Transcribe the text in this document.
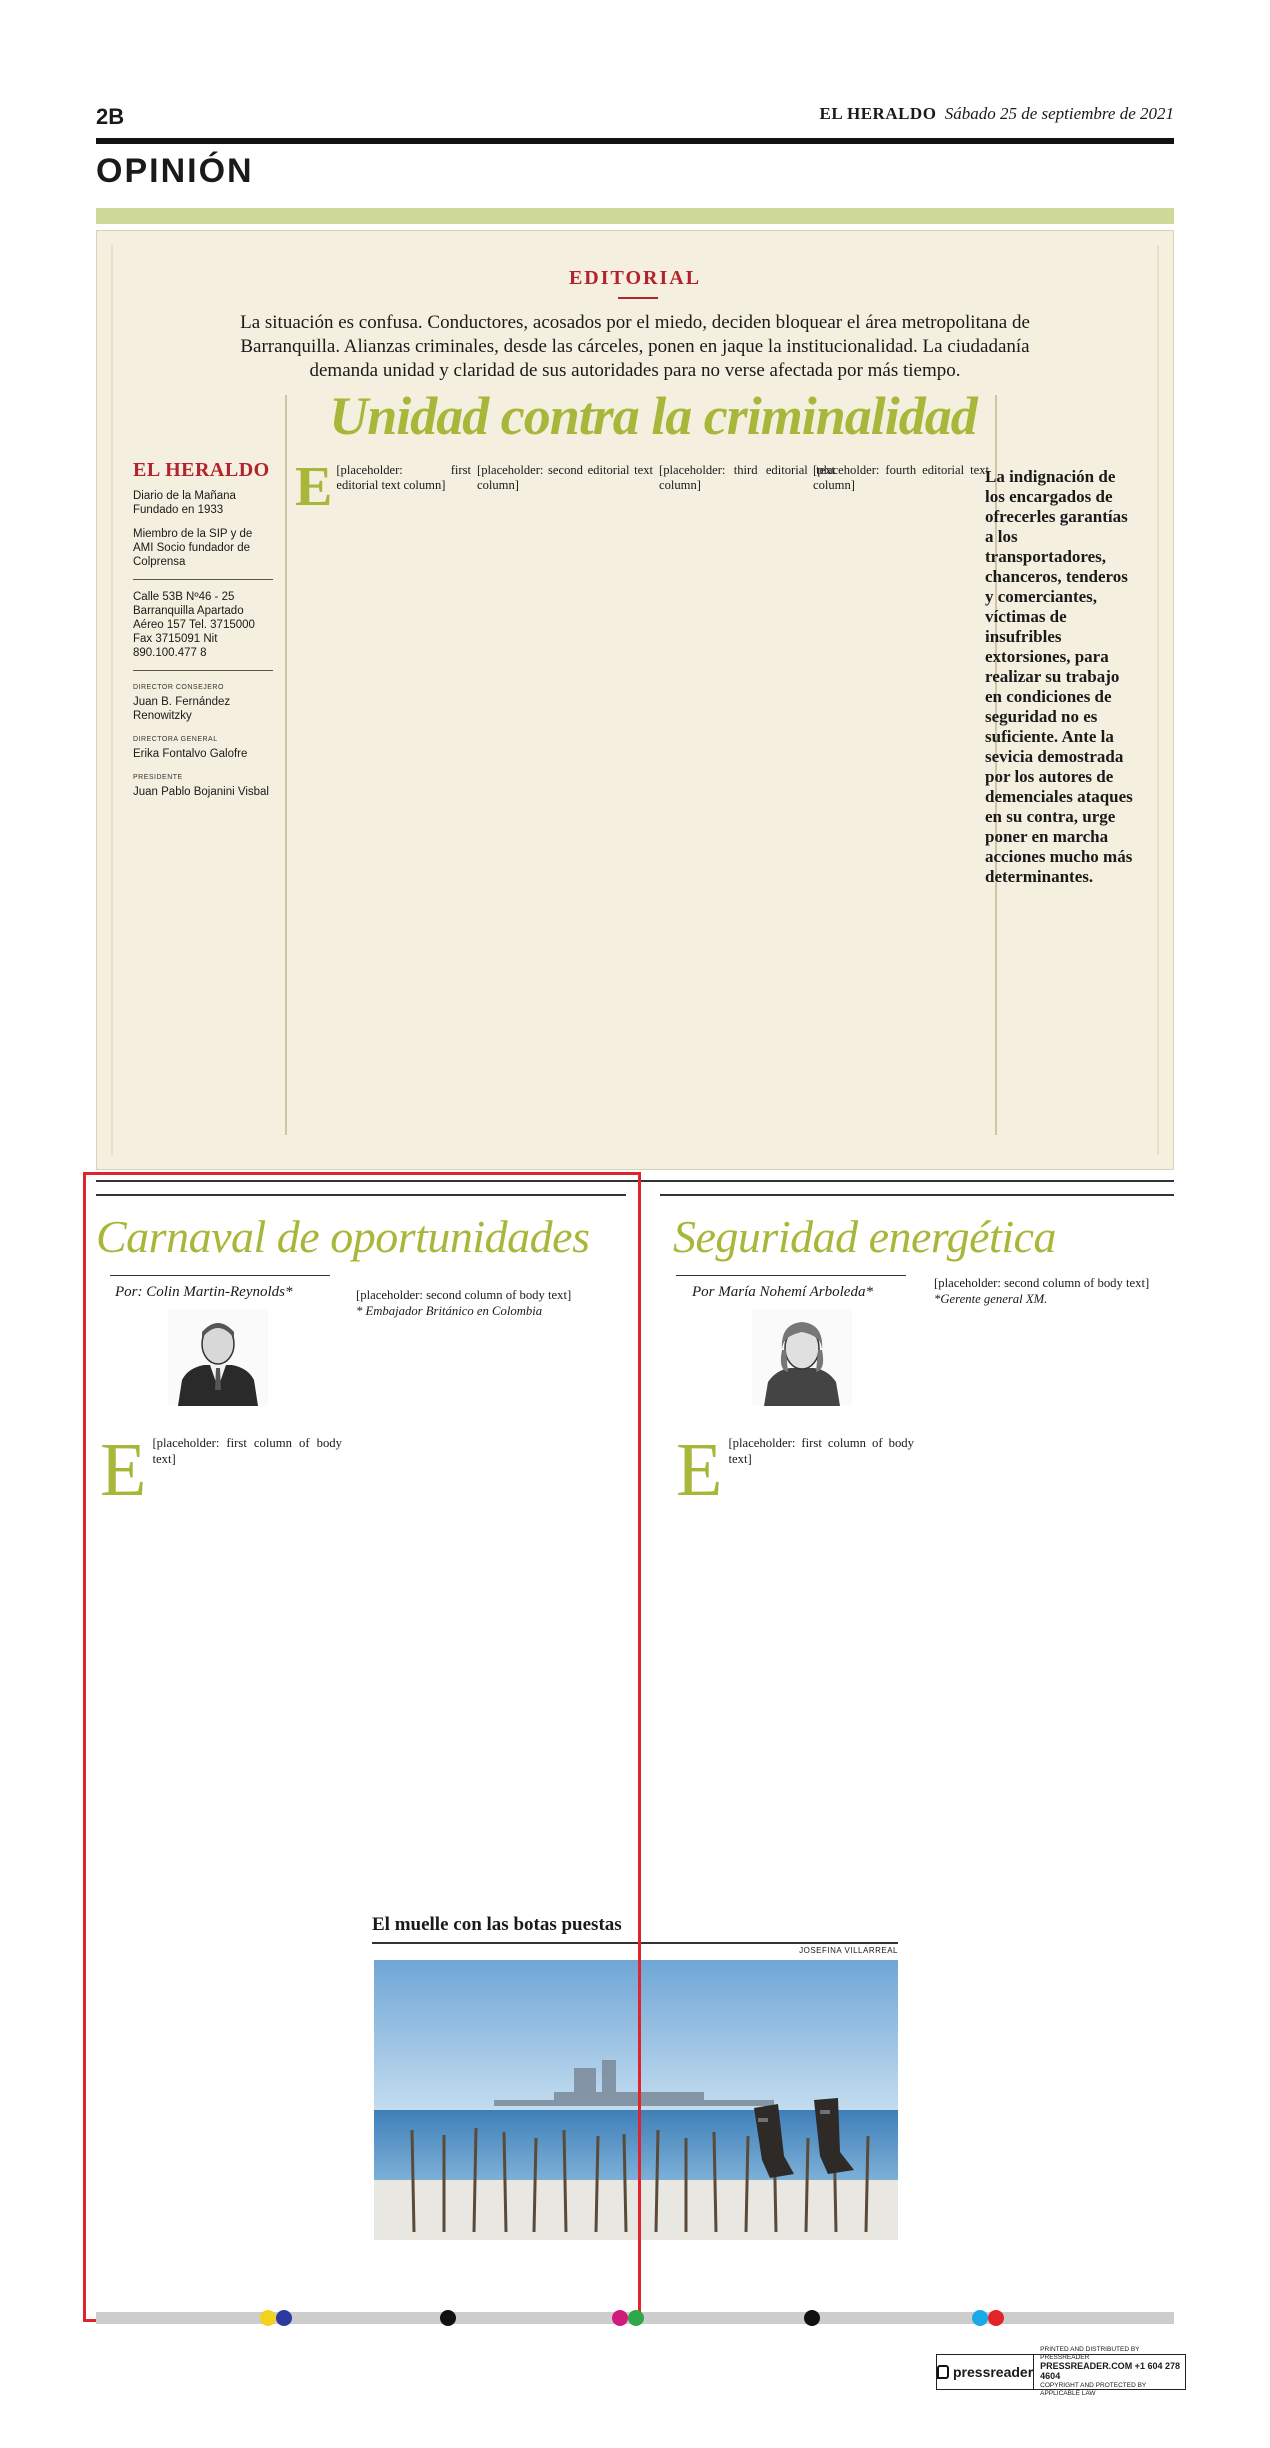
2B	EL HERALDO Sábado 25 de septiembre de 2021
OPINIÓN
EDITORIAL
La situación es confusa. Conductores, acosados por el miedo, deciden bloquear el área metropolitana de Barranquilla. Alianzas criminales, desde las cárceles, ponen en jaque la institucionalidad. La ciudadanía demanda unidad y claridad de sus autoridades para no verse afectada por más tiempo.
Unidad contra la criminalidad
EL HERALDO

Diario de la Mañana Fundado en 1933

Miembro de la SIP y de AMI Socio fundador de Colprensa

Calle 53B Nº46 - 25 Barranquilla Apartado Aéreo 157 Tel. 3715000 Fax 3715091 Nit 890.100.477 8

DIRECTOR CONSEJERO

Juan B. Fernández Renowitzky

DIRECTORA GENERAL

Erika Fontalvo Galofre

PRESIDENTE

Juan Pablo Bojanini Visbal

E [placeholder: first editorial text column]
[placeholder: second editorial text column]
[placeholder: third editorial text column]
[placeholder: fourth editorial text column]	La indignación de los encargados de ofrecerles garantías a los transportadores, chanceros, tenderos y comerciantes, víctimas de insufribles extorsiones, para realizar su trabajo en condiciones de seguridad no es suficiente. Ante la sevicia demostrada por los autores de demenciales ataques en su contra, urge poner en marcha acciones mucho más determinantes.
Carnaval de oportunidades
Por: Colin Martin-Reynolds*
E [placeholder: first column of body text]
[placeholder: second column of body text]

* Embajador Británico en Colombia

Seguridad energética
Por María Nohemí Arboleda*
E [placeholder: first column of body text]
[placeholder: second column of body text]

*Gerente general XM.

El muelle con las botas puestas
JOSEFINA VILLARREAL
pressreader
PRINTED AND DISTRIBUTED BY PRESSREADER
PRESSREADER.COM +1 604 278 4604
COPYRIGHT AND PROTECTED BY APPLICABLE LAW
